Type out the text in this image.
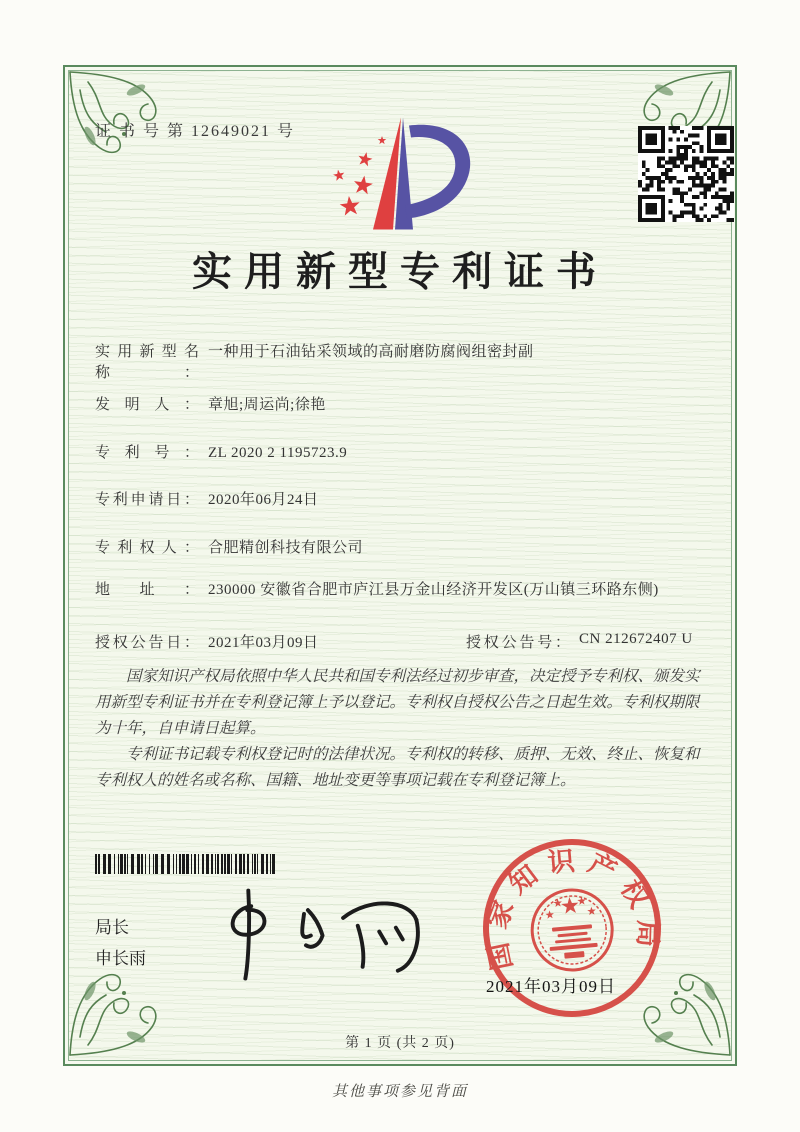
证 书 号 第 12649021 号
实用新型专利证书
实用新型名称：一种用于石油钻采领域的高耐磨防腐阀组密封副
发明人： 章旭;周运尚;徐艳
专利号： ZL 2020 2 1195723.9
专利申请日： 2020年06月24日
专利权人： 合肥精创科技有限公司
地址： 230000 安徽省合肥市庐江县万金山经济开发区(万山镇三环路东侧)
授权公告日： 2021年03月09日	授权公告号： CN 212672407 U

国家知识产权局依照中华人民共和国专利法经过初步审查，决定授予专利权、颁发实用新型专利证书并在专利登记簿上予以登记。专利权自授权公告之日起生效。专利权期限为十年，自申请日起算。

专利证书记载专利权登记时的法律状况。专利权的转移、质押、无效、终止、恢复和专利权人的姓名或名称、国籍、地址变更等事项记载在专利登记簿上。

局长
申长雨	国家知识产权局
2021年03月09日
第 1 页 (共 2 页)
其他事项参见背面
